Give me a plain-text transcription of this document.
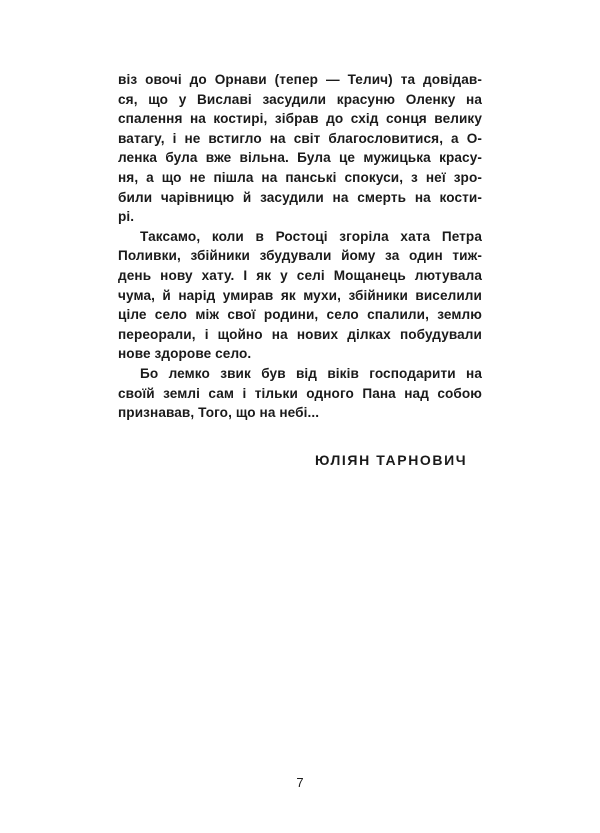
віз овочі до Орнави (тепер — Телич) та довідав-
ся, що у Виславі засудили красуню Оленку на
спалення на костирі, зібрав до схід сонця велику
ватагу, і не встигло на світ благословитися, а О-
ленка була вже вільна. Була це мужицька красу-
ня, а що не пішла на панські спокуси, з неї зро-
били чарівницю й засудили на смерть на кости-
рі.
Таксамо, коли в Ростоці згоріла хата Петра
Поливки, збійники збудували йому за один тиж-
день нову хату. І як у селі Мощанець лютувала
чума, й нарід умирав як мухи, збійники виселили
ціле село між свої родини, село спалили, землю
переорали, і щойно на нових ділках побудували
нове здорове село.
Бо лемко звик був від віків господарити на
своїй землі сам і тільки одного Пана над собою
признавав, Того, що на небі...
ЮЛІЯН ТАРНОВИЧ
7
